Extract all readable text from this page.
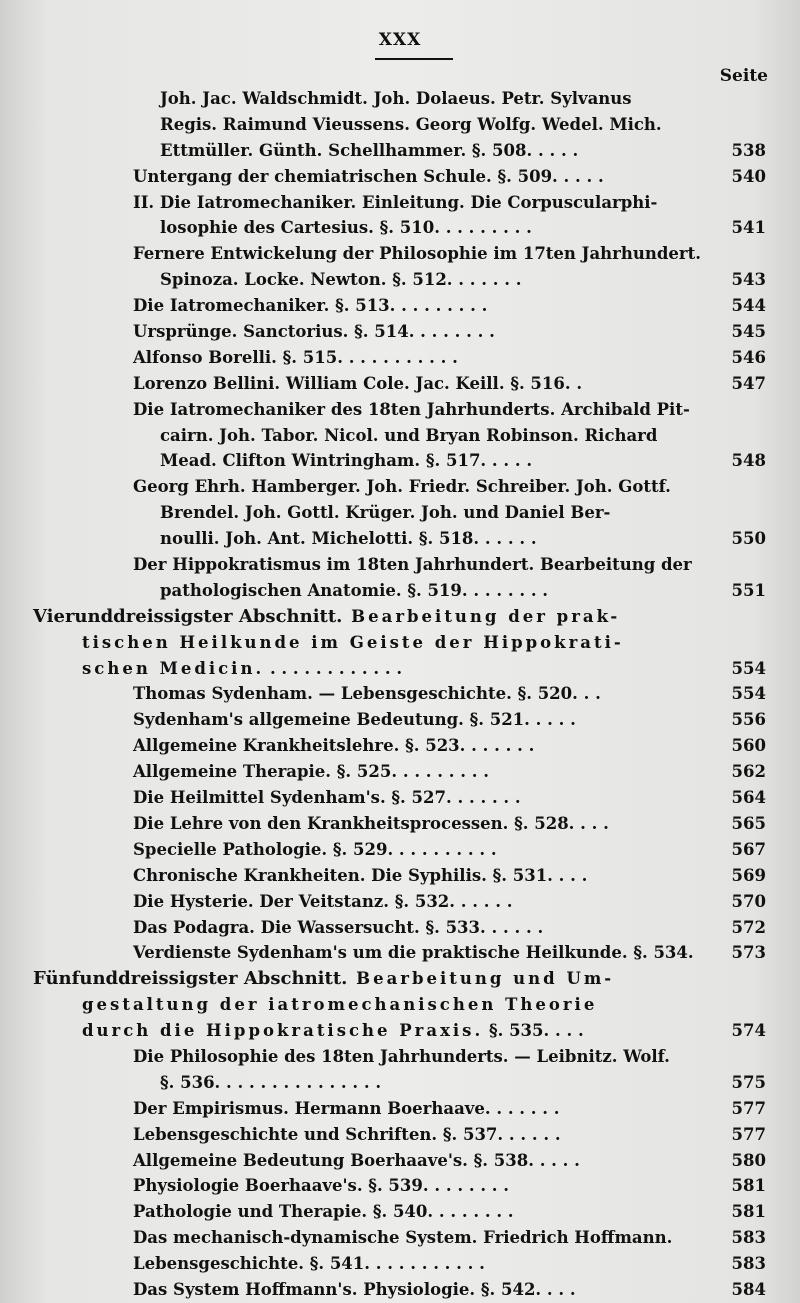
XXX
Seite
Joh. Jac. Waldschmidt. Joh. Dolaeus. Petr. Sylvanus
Regis. Raimund Vieussens. Georg Wolfg. Wedel. Mich.
Ettmüller. Günth. Schellhammer. §. 508. . . . .	538
Untergang der chemiatrischen Schule. §. 509. . . . .	540
II. Die Iatromechaniker. Einleitung. Die Corpuscularphi-
losophie des Cartesius. §. 510. . . . . . . . .	541
Fernere Entwickelung der Philosophie im 17ten Jahrhundert.
Spinoza. Locke. Newton. §. 512. . . . . . .	543
Die Iatromechaniker. §. 513. . . . . . . . .	544
Ursprünge. Sanctorius. §. 514. . . . . . . .	545
Alfonso Borelli. §. 515. . . . . . . . . . .	546
Lorenzo Bellini. William Cole. Jac. Keill. §. 516. .	547
Die Iatromechaniker des 18ten Jahrhunderts. Archibald Pit-
cairn. Joh. Tabor. Nicol. und Bryan Robinson. Richard
Mead. Clifton Wintringham. §. 517. . . . .	548
Georg Ehrh. Hamberger. Joh. Friedr. Schreiber. Joh. Gottf.
Brendel. Joh. Gottl. Krüger. Joh. und Daniel Ber-
noulli. Joh. Ant. Michelotti. §. 518. . . . . .	550
Der Hippokratismus im 18ten Jahrhundert. Bearbeitung der
pathologischen Anatomie. §. 519. . . . . . . .	551
Vierunddreissigster Abschnitt. Bearbeitung der prak-
tischen Heilkunde im Geiste der Hippokrati-
schen Medicin. . . . . . . . . . . . .	554
Thomas Sydenham. — Lebensgeschichte. §. 520. . .	554
Sydenham's allgemeine Bedeutung. §. 521. . . . .	556
Allgemeine Krankheitslehre. §. 523. . . . . . .	560
Allgemeine Therapie. §. 525. . . . . . . . .	562
Die Heilmittel Sydenham's. §. 527. . . . . . .	564
Die Lehre von den Krankheitsprocessen. §. 528. . . .	565
Specielle Pathologie. §. 529. . . . . . . . . .	567
Chronische Krankheiten. Die Syphilis. §. 531. . . .	569
Die Hysterie. Der Veitstanz. §. 532. . . . . .	570
Das Podagra. Die Wassersucht. §. 533. . . . . .	572
Verdienste Sydenham's um die praktische Heilkunde. §. 534. 573
Fünfunddreissigster Abschnitt. Bearbeitung und Um-
gestaltung der iatromechanischen Theorie
durch die Hippokratische Praxis. §. 535. . . .	574
Die Philosophie des 18ten Jahrhunderts. — Leibnitz. Wolf.
§. 536. . . . . . . . . . . . . . .	575
Der Empirismus. Hermann Boerhaave. . . . . . .	577
Lebensgeschichte und Schriften. §. 537. . . . . .	577
Allgemeine Bedeutung Boerhaave's. §. 538. . . . .	580
Physiologie Boerhaave's. §. 539. . . . . . . .	581
Pathologie und Therapie. §. 540. . . . . . . .	581
Das mechanisch-dynamische System. Friedrich Hoffmann.	583
Lebensgeschichte. §. 541. . . . . . . . . . .	583
Das System Hoffmann's. Physiologie. §. 542. . . .	584
